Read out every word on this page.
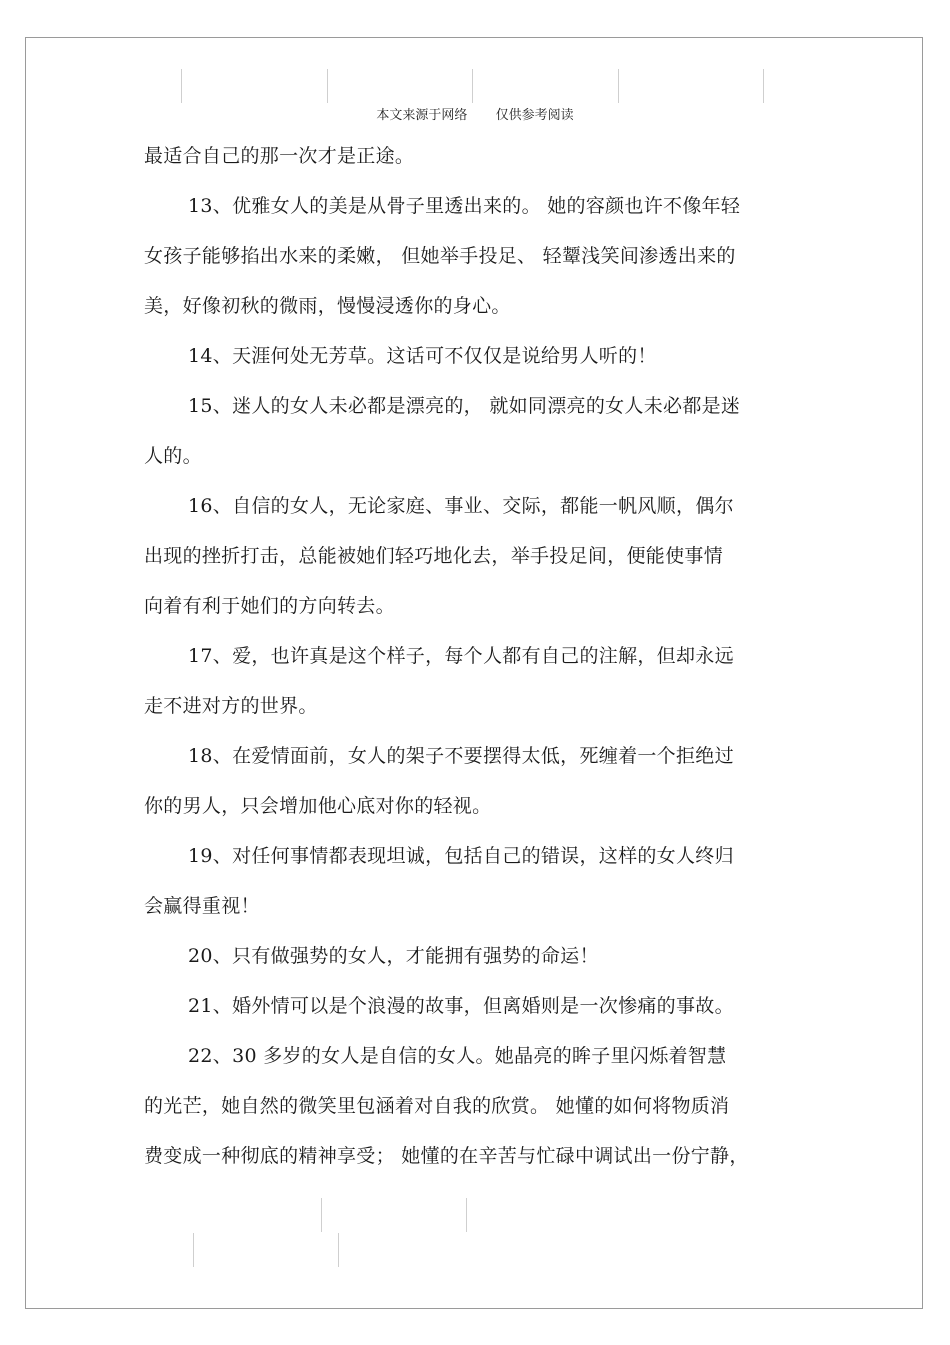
本文来源于网络 仅供参考阅读
最适合自己的那一次才是正途。
13、优雅女人的美是从骨子里透出来的。 她的容颜也许不像年轻
女孩子能够掐出水来的柔嫩， 但她举手投足、 轻颦浅笑间渗透出来的
美，好像初秋的微雨，慢慢浸透你的身心。
14、天涯何处无芳草。这话可不仅仅是说给男人听的！
15、迷人的女人未必都是漂亮的， 就如同漂亮的女人未必都是迷
人的。
16、自信的女人，无论家庭、事业、交际，都能一帆风顺，偶尔
出现的挫折打击，总能被她们轻巧地化去，举手投足间，便能使事情
向着有利于她们的方向转去。
17、爱，也许真是这个样子，每个人都有自己的注解，但却永远
走不进对方的世界。
18、在爱情面前，女人的架子不要摆得太低，死缠着一个拒绝过
你的男人，只会增加他心底对你的轻视。
19、对任何事情都表现坦诚，包括自己的错误，这样的女人终归
会赢得重视！
20、只有做强势的女人，才能拥有强势的命运！
21、婚外情可以是个浪漫的故事，但离婚则是一次惨痛的事故。
22、30 多岁的女人是自信的女人。她晶亮的眸子里闪烁着智慧
的光芒，她自然的微笑里包涵着对自我的欣赏。 她懂的如何将物质消
费变成一种彻底的精神享受； 她懂的在辛苦与忙碌中调试出一份宁静，
